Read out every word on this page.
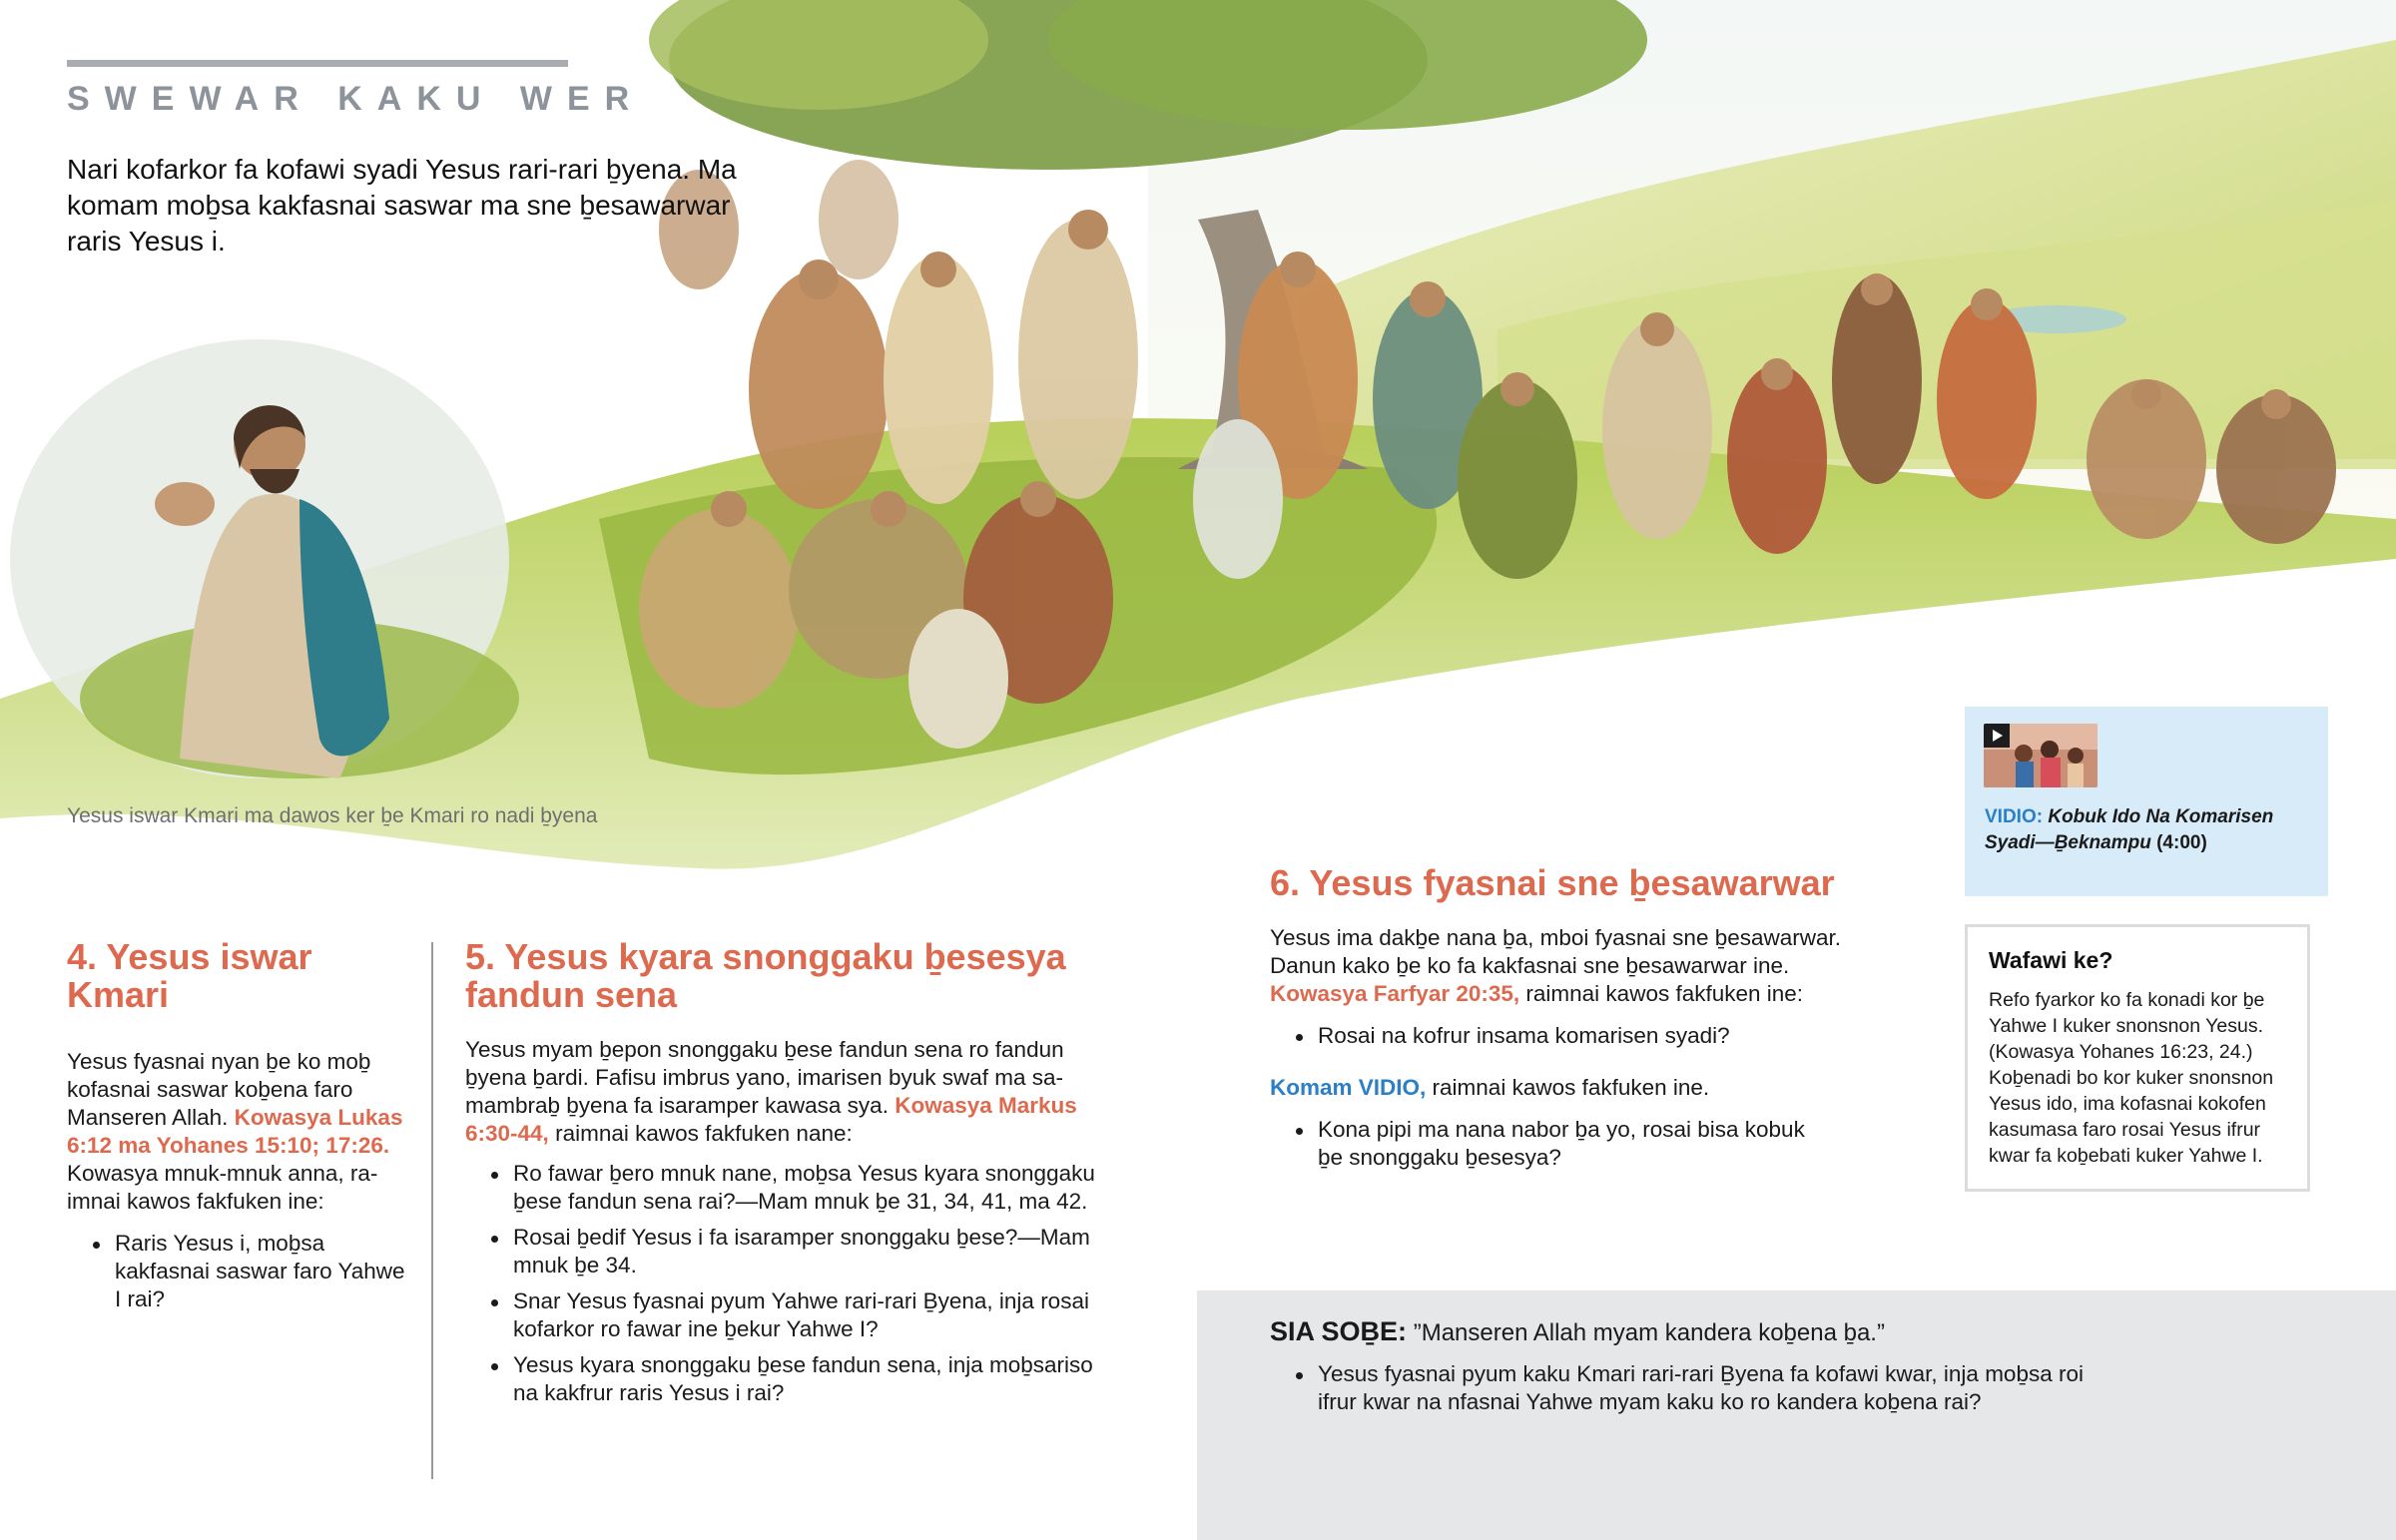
SWEWAR KAKU WER
Nari kofarkor fa kofawi syadi Yesus rari-rari ḇyena. Ma komam moḇsa kakfasnai saswar ma sne ḇesawarwar raris Yesus i.
Yesus iswar Kmari ma dawos ker ḇe Kmari ro nadi ḇyena
4. Yesus iswar Kmari

Yesus fyasnai nyan ḇe ko moḇ kofasnai saswar koḇena faro Manseren Allah. Kowasya Lukas 6:12 ma Yohanes 15:10; 17:26. Kowasya mnuk-mnuk anna, raimnai kawos fakfuken ine:

Raris Yesus i, moḇsa kakfasnai saswar faro Yahwe I rai?
5. Yesus kyara snonggaku ḇesesya fandun sena

Yesus myam ḇepon snonggaku ḇese fandun sena ro fandun ḇyena ḇardi. Fafisu imbrus yano, imarisen byuk swaf ma samambraḇ ḇyena fa isaramper kawasa sya. Kowasya Markus 6:30-44, raimnai kawos fakfuken nane:

Ro fawar ḇero mnuk nane, moḇsa Yesus kyara snonggaku ḇese fandun sena rai?—Mam mnuk ḇe 31, 34, 41, ma 42.
Rosai ḇedif Yesus i fa isaramper snonggaku ḇese?—Mam mnuk ḇe 34.
Snar Yesus fyasnai pyum Yahwe rari-rari Ḇyena, inja rosai kofarkor ro fawar ine ḇekur Yahwe I?
Yesus kyara snonggaku ḇese fandun sena, inja moḇsariso na kakfrur raris Yesus i rai?
6. Yesus fyasnai sne ḇesawarwar

Yesus ima dakḇe nana ḇa, mboi fyasnai sne ḇesawarwar. Danun kako ḇe ko fa kakfasnai sne ḇesawarwar ine. Kowasya Farfyar 20:35, raimnai kawos fakfuken ine:

Rosai na kofrur insama komarisen syadi?

Komam VIDIO, raimnai kawos fakfuken ine.

Kona pipi ma nana nabor ḇa yo, rosai bisa kobuk ḇe snonggaku ḇesesya?
VIDIO: Kobuk Ido Na Komarisen Syadi—Ḇeknampu (4:00)
Wafawi ke?
Refo fyarkor ko fa konadi kor ḇe Yahwe I kuker snonsnon Yesus. (Kowasya Yohanes 16:23, 24.) Koḇenadi bo kor kuker snonsnon Yesus ido, ima kofasnai kokofen kasumasa faro rosai Yesus ifrur kwar fa koḇebati kuker Yahwe I.
SIA SOḆE: ”Manseren Allah myam kandera koḇena ḇa.”
Yesus fyasnai pyum kaku Kmari rari-rari Ḇyena fa kofawi kwar, inja moḇsa roi ifrur kwar na nfasnai Yahwe myam kaku ko ro kandera koḇena rai?
